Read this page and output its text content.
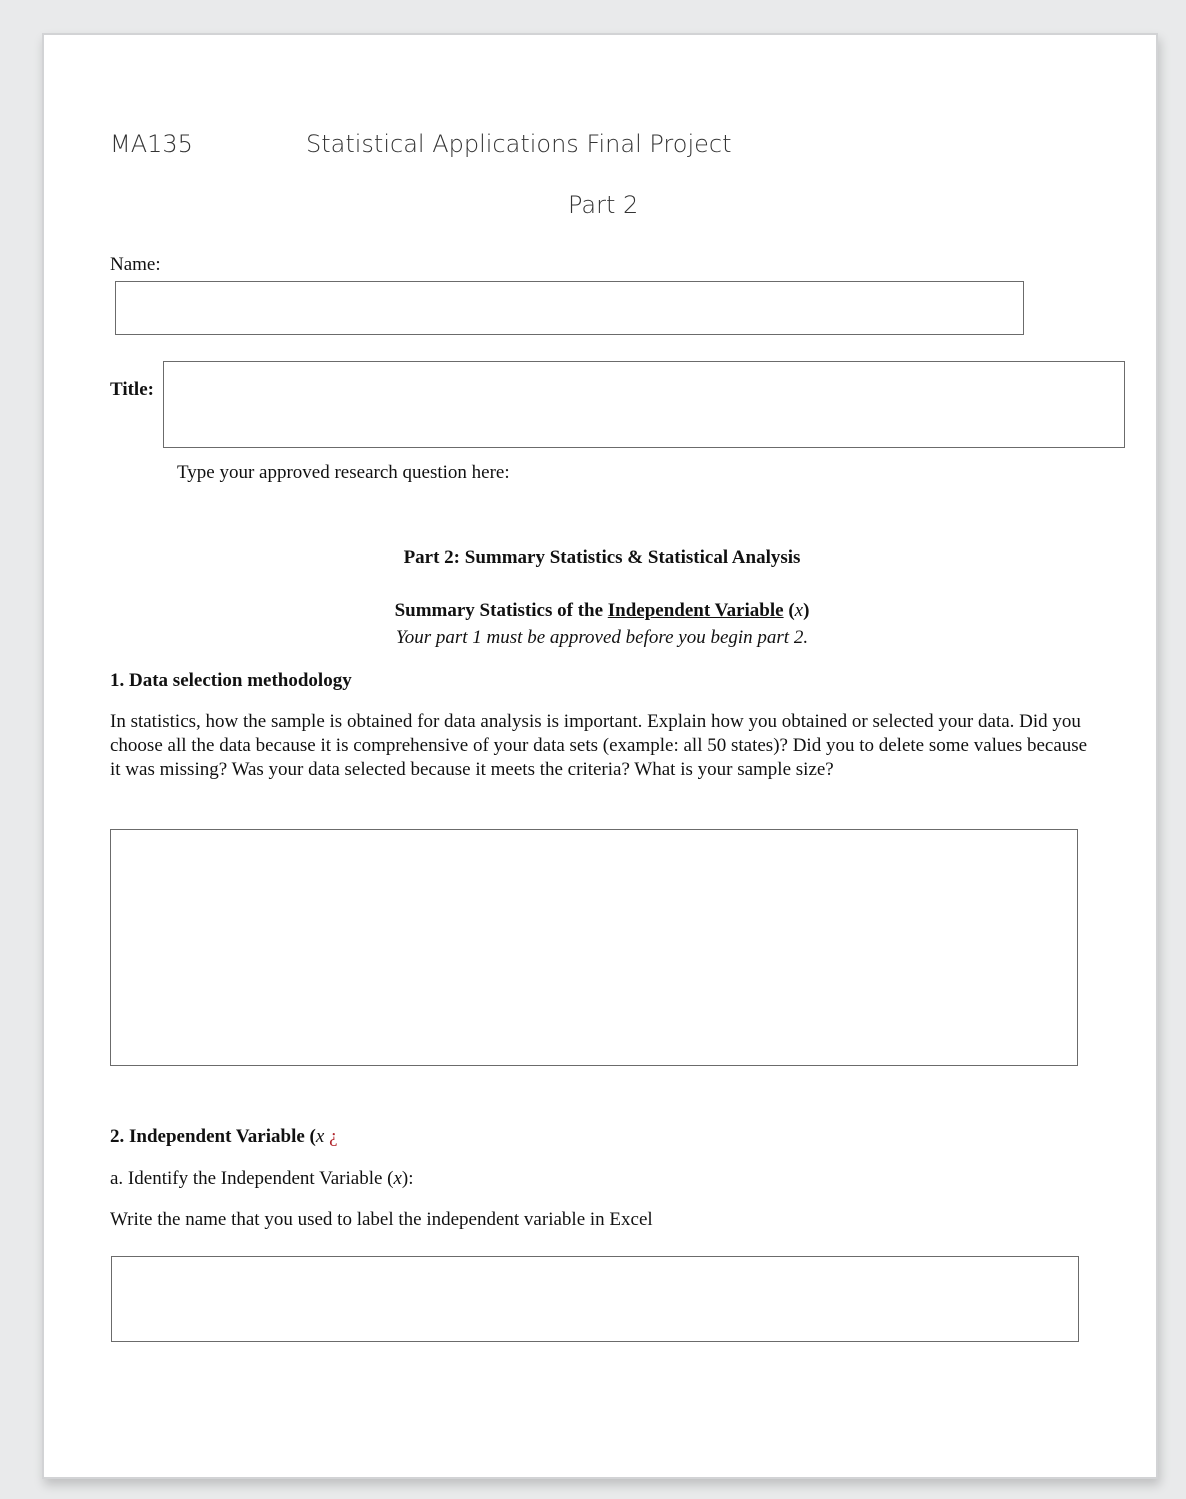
MA135	Statistical Applications Final Project
Part 2
Name:
Title:
Type your approved research question here:
Part 2: Summary Statistics & Statistical Analysis
Summary Statistics of the Independent Variable (x)
Your part 1 must be approved before you begin part 2.
1. Data selection methodology
In statistics, how the sample is obtained for data analysis is important. Explain how you obtained or selected your data. Did you choose all the data because it is comprehensive of your data sets (example: all 50 states)? Did you to delete some values because it was missing? Was your data selected because it meets the criteria? What is your sample size?
2. Independent Variable (x ¿
a. Identify the Independent Variable (x):
Write the name that you used to label the independent variable in Excel
